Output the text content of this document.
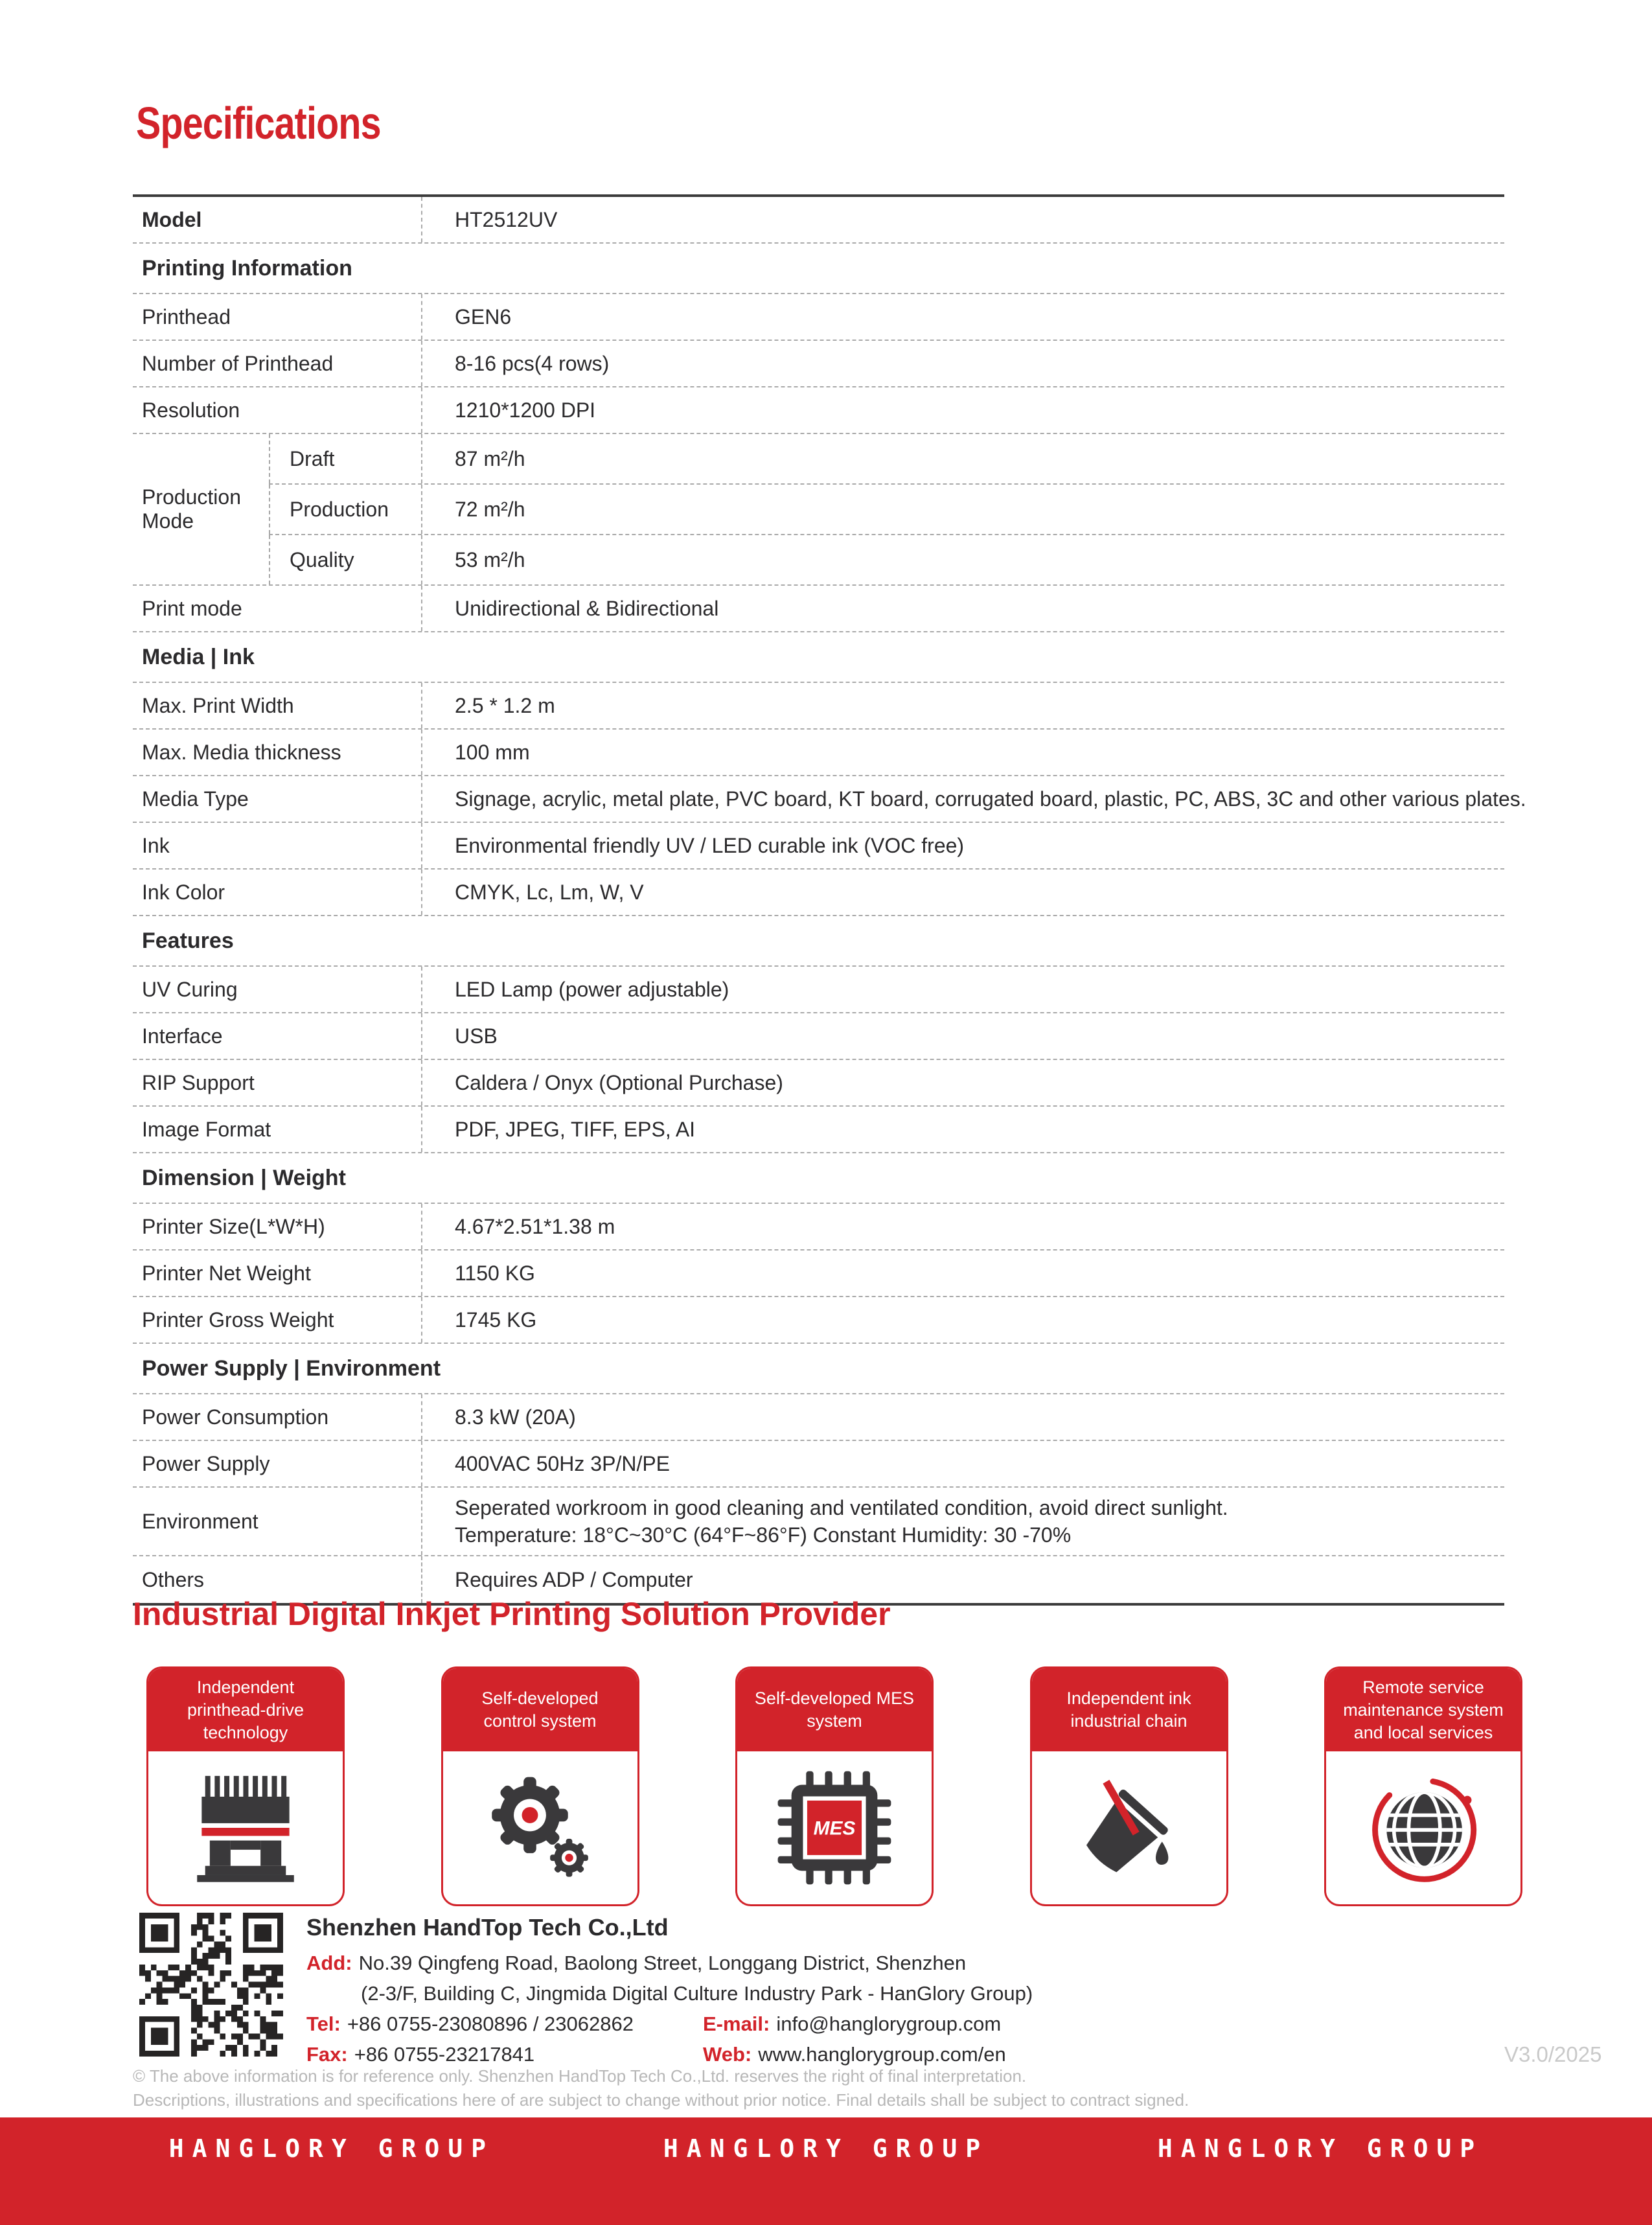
Specifications
Model	HT2512UV
Printing Information
Printhead	GEN6
Number of Printhead	8-16 pcs(4 rows)
Resolution	1210*1200 DPI
Production Mode
Draft	87 m²/h
Production	72 m²/h
Quality	53 m²/h
Print mode	Unidirectional & Bidirectional
Media | Ink
Max. Print Width	2.5 * 1.2 m
Max. Media thickness	100 mm
Media Type	Signage, acrylic, metal plate, PVC board, KT board, corrugated board, plastic, PC, ABS, 3C and other various plates.
Ink	Environmental friendly UV / LED curable ink (VOC free)
Ink Color	CMYK, Lc, Lm, W, V
Features
UV Curing	LED Lamp (power adjustable)
Interface	USB
RIP Support	Caldera / Onyx (Optional Purchase)
Image Format	PDF, JPEG, TIFF, EPS, AI
Dimension | Weight
Printer Size(L*W*H)	4.67*2.51*1.38 m
Printer Net Weight	1150 KG
Printer Gross Weight	1745 KG
Power Supply | Environment
Power Consumption	8.3 kW (20A)
Power Supply	400VAC 50Hz 3P/N/PE
Environment
Seperated workroom in good cleaning and ventilated condition, avoid direct sunlight.
Temperature: 18°C~30°C (64°F~86°F) Constant Humidity: 30 -70%
Others	Requires ADP / Computer
Industrial Digital Inkjet Printing Solution Provider
Independent printhead-drive technology
Self-developed control system
Self-developed MES system
MES
Independent ink industrial chain
Remote service maintenance system and local services
Shenzhen HandTop Tech Co.,Ltd
Add: No.39 Qingfeng Road, Baolong Street, Longgang District, Shenzhen
(2-3/F, Building C, Jingmida Digital Culture Industry Park - HanGlory Group)
Tel: +86 0755-23080896 / 23062862	E-mail: info@hanglorygroup.com
Fax: +86 0755-23217841	Web: www.hanglorygroup.com/en
© The above information is for reference only. Shenzhen HandTop Tech Co.,Ltd. reserves the right of final interpretation.
Descriptions, illustrations and specifications here of are subject to change without prior notice. Final details shall be subject to contract signed.
V3.0/2025
HANGLORY GROUP	HANGLORY GROUP	HANGLORY GROUP
